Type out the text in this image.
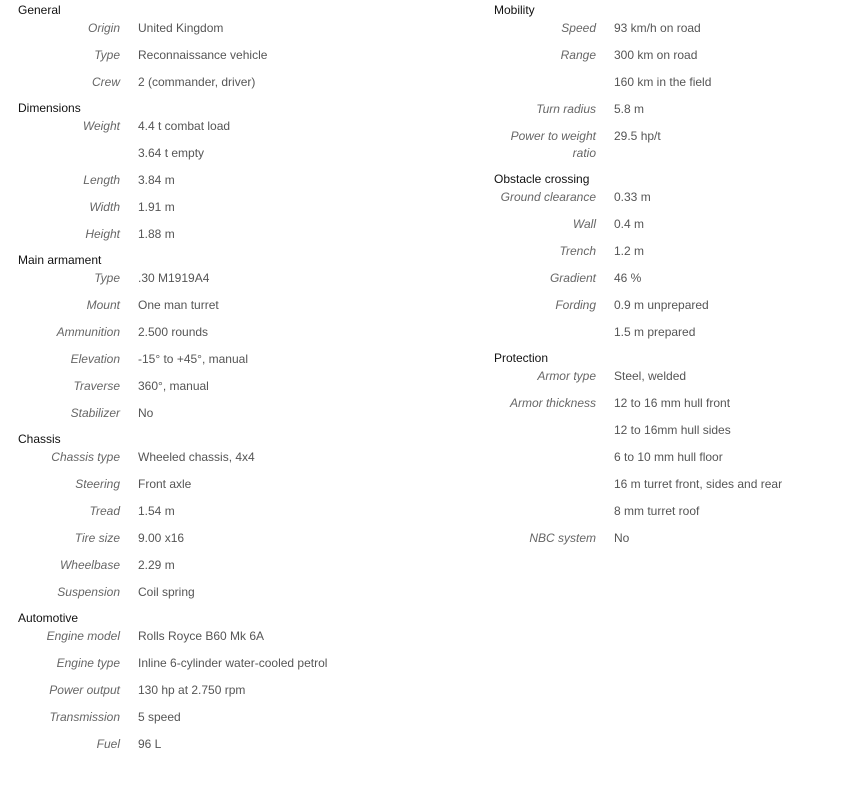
General
Origin United Kingdom
Type Reconnaissance vehicle
Crew 2 (commander, driver)
Dimensions
Weight 4.4 t combat load
3.64 t empty
Length 3.84 m
Width 1.91 m
Height 1.88 m
Main armament
Type .30 M1919A4
Mount One man turret
Ammunition 2.500 rounds
Elevation -15° to +45°, manual
Traverse 360°, manual
Stabilizer No
Chassis
Chassis type Wheeled chassis, 4x4
Steering Front axle
Tread 1.54 m
Tire size 9.00 x16
Wheelbase 2.29 m
Suspension Coil spring
Automotive
Engine model Rolls Royce B60 Mk 6A
Engine type Inline 6-cylinder water-cooled petrol
Power output 130 hp at 2.750 rpm
Transmission 5 speed
Fuel 96 L
Mobility
Speed 93 km/h on road
Range 300 km on road
160 km in the field
Turn radius 5.8 m
Power to weight ratio
29.5 hp/t
Obstacle crossing
Ground clearance 0.33 m
Wall 0.4 m
Trench 1.2 m
Gradient 46 %
Fording 0.9 m unprepared
1.5 m prepared
Protection
Armor type Steel, welded
Armor thickness 12 to 16 mm hull front
12 to 16mm hull sides
6 to 10 mm hull floor
16 m turret front, sides and rear
8 mm turret roof
NBC system No
